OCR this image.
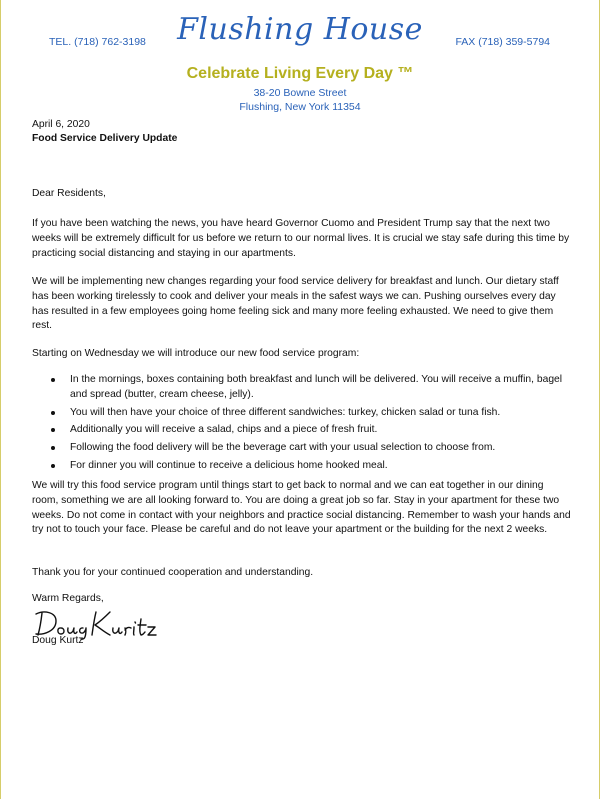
TEL. (718) 762-3198	Flushing House	FAX (718) 359-5794
Celebrate Living Every Day ™
38-20 Bowne Street
Flushing, New York 11354
April 6, 2020
Food Service Delivery Update
Dear Residents,
If you have been watching the news, you have heard Governor Cuomo and President Trump say that the next two weeks will be extremely difficult for us before we return to our normal lives. It is crucial we stay safe during this time by practicing social distancing and staying in our apartments.
We will be implementing new changes regarding your food service delivery for breakfast and lunch. Our dietary staff has been working tirelessly to cook and deliver your meals in the safest ways we can. Pushing ourselves every day has resulted in a few employees going home feeling sick and many more feeling exhausted. We need to give them rest.
Starting on Wednesday we will introduce our new food service program:
In the mornings, boxes containing both breakfast and lunch will be delivered. You will receive a muffin, bagel and spread (butter, cream cheese, jelly).
You will then have your choice of three different sandwiches: turkey, chicken salad or tuna fish.
Additionally you will receive a salad, chips and a piece of fresh fruit.
Following the food delivery will be the beverage cart with your usual selection to choose from.
For dinner you will continue to receive a delicious home hooked meal.
We will try this food service program until things start to get back to normal and we can eat together in our dining room, something we are all looking forward to. You are doing a great job so far. Stay in your apartment for these two weeks. Do not come in contact with your neighbors and practice social distancing. Remember to wash your hands and try not to touch your face. Please be careful and do not leave your apartment or the building for the next 2 weeks.
Thank you for your continued cooperation and understanding.
Warm Regards,
Doug Kurtz
